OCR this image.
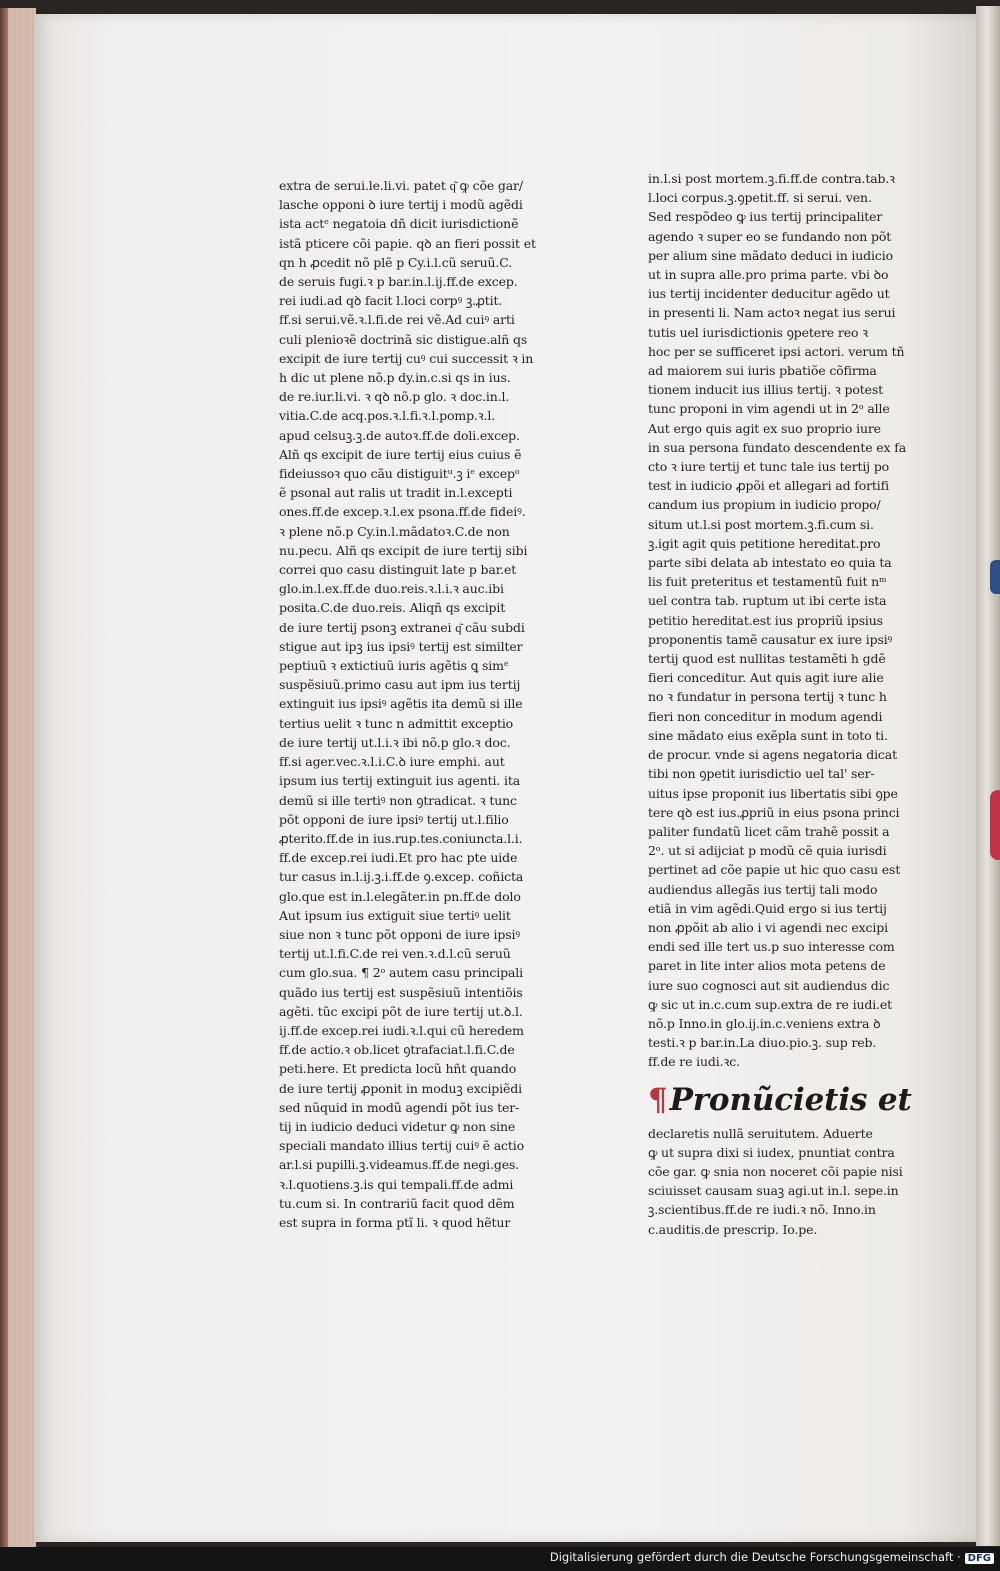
extra de serui.le.li.vi. patet q͂ ꝙ cõe gar/
lasche opponi ꝺ iure tertij i modũ agẽdi
ista actᵉ negatoia dñ dicit iurisdictionẽ
istã pticere cõi papie. qꝺ an fieri possit et
qn h ꝓcedit nõ plẽ p Cy.i.l.cũ seruũ.C.
de seruis fugi.ꝛ p bar.in.l.ij.ff.de excep.
rei iudi.ad qꝺ facit l.loci corpꝰ ꝫ.ꝓtit.
ff.si serui.vẽ.ꝛ.l.fi.de rei vẽ.Ad cuiꝰ arti
culi plenioꝛẽ doctrinã sic distigue.alñ qs
excipit de iure tertij cuꝰ cui successit ꝛ in
h dic ut plene nõ.p dy.in.c.si qs in ius.
de re.iur.li.vi. ꝛ qꝺ nõ.p glo. ꝛ doc.in.l.
vitia.C.de acq.pos.ꝛ.l.fi.ꝛ.l.pomp.ꝛ.l.
apud celsuꝫ.ꝫ.de autoꝛ.ff.de doli.excep.
Alñ qs excipit de iure tertij eius cuius ẽ
fideiussoꝛ quo cãu distiguitᵘ.ꝫ iᵉ excepᵒ
ẽ psonal aut ralis ut tradit in.l.excepti
ones.ff.de excep.ꝛ.l.ex psona.ff.de fideiꝰ.
ꝛ plene nõ.p Cy.in.l.mãdatoꝛ.C.de non
nu.pecu. Alñ qs excipit de iure tertij sibi
correi quo casu distinguit late p bar.et
glo.in.l.ex.ff.de duo.reis.ꝛ.l.i.ꝛ auc.ibi
posita.C.de duo.reis. Aliqñ qs excipit
de iure tertij psonꝫ extranei q͂ cãu subdi
stigue aut ipꝫ ius ipsiꝰ tertij est similter
peptiuũ ꝛ extictiuũ iuris agẽtis ꝗ simᵉ
suspẽsiuũ.primo casu aut ipm ius tertij
extinguit ius ipsiꝰ agẽtis ita demũ si ille
tertius uelit ꝛ tunc n admittit exceptio
de iure tertij ut.l.i.ꝛ ibi nõ.p glo.ꝛ doc.
ff.si ager.vec.ꝛ.l.i.C.ꝺ iure emphi. aut
ipsum ius tertij extinguit ius agenti. ita
demũ si ille tertiꝰ non ꝯtradicat. ꝛ tunc
põt opponi de iure ipsiꝰ tertij ut.l.filio
ꝓterito.ff.de in ius.rup.tes.coniuncta.l.i.
ff.de excep.rei iudi.Et pro hac pte uide
tur casus in.l.ij.ꝫ.i.ff.de ꝯ.excep. coñicta
glo.que est in.l.elegãter.in pn.ff.de dolo
Aut ipsum ius extiguit siue tertiꝰ uelit
siue non ꝛ tunc põt opponi de iure ipsiꝰ
tertij ut.l.fi.C.de rei ven.ꝛ.d.l.cũ seruũ
cum glo.sua. ¶ 2ᵒ autem casu principali
quãdo ius tertij est suspẽsiuũ intentiõis
agẽti. tũc excipi põt de iure tertij ut.ꝺ.l.
ij.ff.de excep.rei iudi.ꝛ.l.qui cũ heredem
ff.de actio.ꝛ ob.licet ꝯtrafaciat.l.fi.C.de
peti.here. Et predicta locũ hñt quando
de iure tertij ꝓponit in moduꝫ excipiẽdi
sed nũquid in modũ agendi põt ius ter-
tij in iudicio deduci videtur ꝙ non sine
speciali mandato illius tertij cuiꝰ ẽ actio
ar.l.si pupilli.ꝫ.videamus.ff.de negi.ges.
ꝛ.l.quotiens.ꝫ.is qui tempali.ff.de admi
tu.cum si. In contrariũ facit quod dẽm
est supra in forma ptĩ li. ꝛ quod hẽtur
in.l.si post mortem.ꝫ.fi.ff.de contra.tab.ꝛ
l.loci corpus.ꝫ.ꝯpetit.ff. si serui. ven.
Sed respõdeo ꝙ ius tertij principaliter
agendo ꝛ super eo se fundando non põt
per alium sine mãdato deduci in iudicio
ut in supra alle.pro prima parte. vbi ꝺo
ius tertij incidenter deducitur agẽdo ut
in presenti li. Nam actoꝛ negat ius serui
tutis uel iurisdictionis ꝯpetere reo ꝛ
hoc per se sufficeret ipsi actori. verum tñ
ad maiorem sui iuris pbatiõe cõfirma
tionem inducit ius illius tertij. ꝛ potest
tunc proponi in vim agendi ut in 2ᵒ alle
Aut ergo quis agit ex suo proprio iure
in sua persona fundato descendente ex fa
cto ꝛ iure tertij et tunc tale ius tertij po
test in iudicio ꝓpõi et allegari ad fortifi
candum ius propium in iudicio propo/
situm ut.l.si post mortem.ꝫ.fi.cum si.
ꝫ.igit agit quis petitione hereditat.pro
parte sibi delata ab intestato eo quia ta
lis fuit preteritus et testamentũ fuit nᵐ
uel contra tab. ruptum ut ibi certe ista
petitio hereditat.est ius propriũ ipsius
proponentis tamẽ causatur ex iure ipsiꝰ
tertij quod est nullitas testamẽti h gdẽ
fieri conceditur. Aut quis agit iure alie
no ꝛ fundatur in persona tertij ꝛ tunc h
fieri non conceditur in modum agendi
sine mãdato eius exẽpla sunt in toto ti.
de procur. vnde si agens negatoria dicat
tibi non ꝯpetit iurisdictio uel tal' ser-
uitus ipse proponit ius libertatis sibi ꝯpe
tere qꝺ est ius.ꝓpriũ in eius psona princi
paliter fundatũ licet cãm trahẽ possit a
2ᵒ. ut si adijciat p modũ cẽ quia iurisdi
pertinet ad cõe papie ut hic quo casu est
audiendus allegãs ius tertij tali modo
etiã in vim agẽdi.Quid ergo si ius tertij
non ꝓpõit ab alio i vi agendi nec excipi
endi sed ille tert us.p suo interesse com
paret in lite inter alios mota petens de
iure suo cognosci aut sit audiendus dic
ꝙ sic ut in.c.cum sup.extra de re iudi.et
nõ.p Inno.in glo.ij.in.c.veniens extra ꝺ
testi.ꝛ p bar.in.La diuo.pio.ꝫ. sup reb.
ff.de re iudi.ꝛc.
¶Pronũcietis et
declaretis nullã seruitutem. Aduerte
ꝙ ut supra dixi si iudex, pnuntiat contra
cõe gar. ꝙ snia non noceret cõi papie nisi
sciuisset causam suaꝫ agi.ut in.l. sepe.in
ꝫ.scientibus.ff.de re iudi.ꝛ nõ. Inno.in
c.auditis.de prescrip. Io.pe.
Digitalisierung gefördert durch die Deutsche Forschungsgemeinschaft · DFG
